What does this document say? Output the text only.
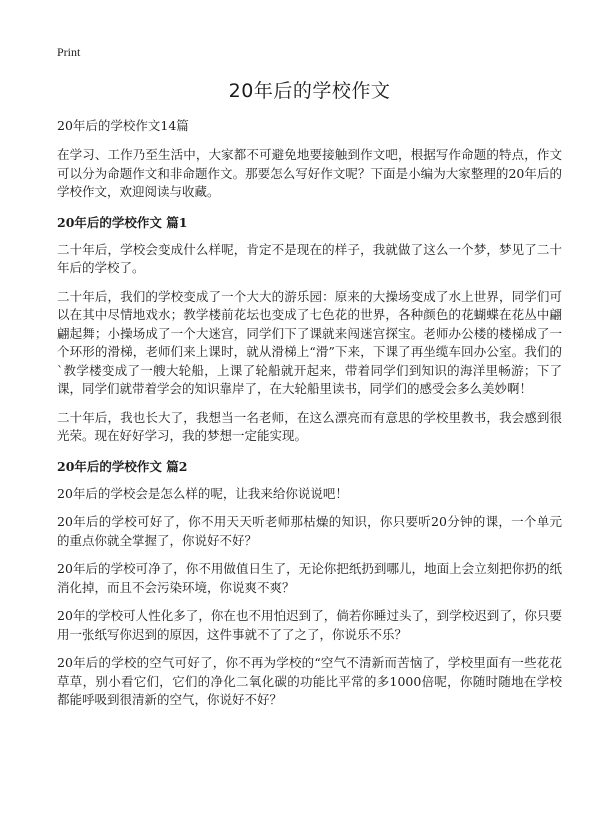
Print
20年后的学校作文

20年后的学校作文14篇

在学习、工作乃至生活中，大家都不可避免地要接触到作文吧，根据写作命题的特点，作文可以分为命题作文和非命题作文。那要怎么写好作文呢？下面是小编为大家整理的20年后的学校作文，欢迎阅读与收藏。

20年后的学校作文 篇1

二十年后，学校会变成什么样呢，肯定不是现在的样子，我就做了这么一个梦，梦见了二十年后的学校了。

二十年后，我们的学校变成了一个大大的游乐园：原来的大操场变成了水上世界，同学们可以在其中尽情地戏水；教学楼前花坛也变成了七色花的世界，各种颜色的花蝴蝶在花丛中翩翩起舞；小操场成了一个大迷宫，同学们下了课就来闯迷宫探宝。老师办公楼的楼梯成了一个环形的滑梯，老师们来上课时，就从滑梯上“滑”下来，下课了再坐缆车回办公室。我们的`教学楼变成了一艘大轮船，上课了轮船就开起来，带着同学们到知识的海洋里畅游；下了课，同学们就带着学会的知识靠岸了，在大轮船里读书，同学们的感受会多么美妙啊！

二十年后，我也长大了，我想当一名老师，在这么漂亮而有意思的学校里教书，我会感到很光荣。现在好好学习，我的梦想一定能实现。

20年后的学校作文 篇2

20年后的学校会是怎么样的呢，让我来给你说说吧！

20年后的学校可好了，你不用天天听老师那枯燥的知识，你只要听20分钟的课，一个单元的重点你就全掌握了，你说好不好？

20年后的学校可净了，你不用做值日生了，无论你把纸扔到哪儿，地面上会立刻把你扔的纸消化掉，而且不会污染环境，你说爽不爽？

20年的学校可人性化多了，你在也不用怕迟到了，倘若你睡过头了，到学校迟到了，你只要用一张纸写你迟到的原因，这件事就不了了之了，你说乐不乐？

20年后的学校的空气可好了，你不再为学校的“空气不清新而苦恼了，学校里面有一些花花草草，别小看它们，它们的净化二氧化碳的功能比平常的多1000倍呢，你随时随地在学校都能呼吸到很清新的空气，你说好不好？
